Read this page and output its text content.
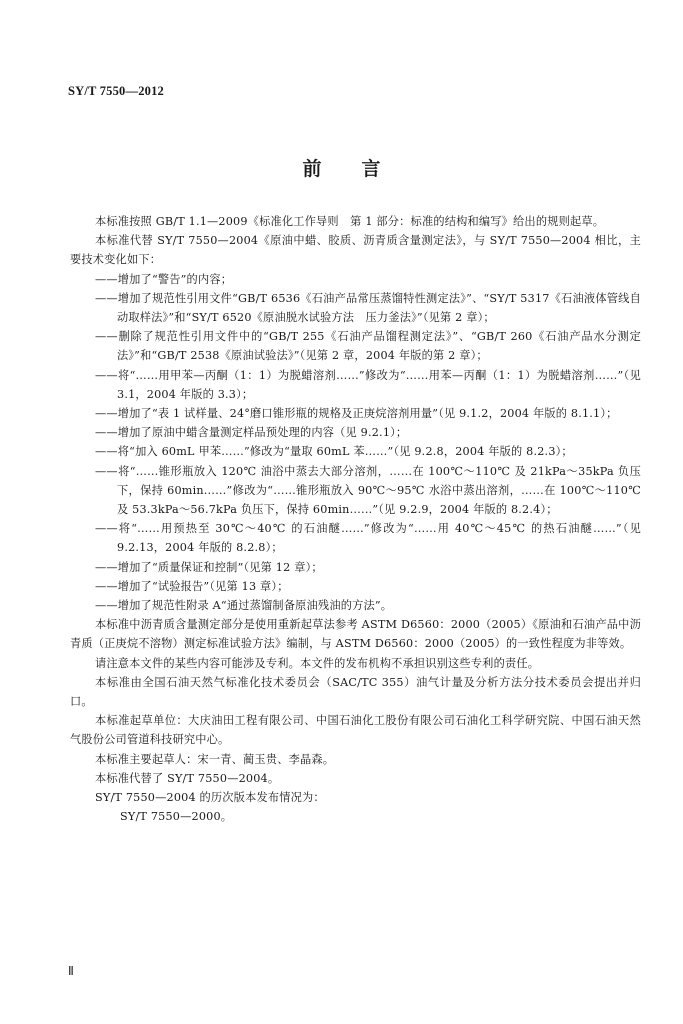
SY/T 7550—2012
前 言

本标准按照 GB/T 1.1—2009《标准化工作导则　第 1 部分：标准的结构和编写》给出的规则起草。

本标准代替 SY/T 7550—2004《原油中蜡、胶质、沥青质含量测定法》，与 SY/T 7550—2004 相比，主要技术变化如下：

——增加了“警告”的内容；

——增加了规范性引用文件“GB/T 6536《石油产品常压蒸馏特性测定法》”、“SY/T 5317《石油液体管线自动取样法》”和“SY/T 6520《原油脱水试验方法　压力釜法》”（见第 2 章）；

——删除了规范性引用文件中的“GB/T 255《石油产品馏程测定法》”、“GB/T 260《石油产品水分测定法》”和“GB/T 2538《原油试验法》”（见第 2 章，2004 年版的第 2 章）；

——将“……用甲苯—丙酮（1：1）为脱蜡溶剂……”修改为“……用苯—丙酮（1：1）为脱蜡溶剂……”（见 3.1，2004 年版的 3.3）；

——增加了“表 1 试样量、24°磨口锥形瓶的规格及正庚烷溶剂用量”（见 9.1.2，2004 年版的 8.1.1）；

——增加了原油中蜡含量测定样品预处理的内容（见 9.2.1）；

——将“加入 60mL 甲苯……”修改为“量取 60mL 苯……”（见 9.2.8，2004 年版的 8.2.3）；

——将“……锥形瓶放入 120℃ 油浴中蒸去大部分溶剂，……在 100℃～110℃ 及 21kPa～35kPa 负压下，保持 60min……”修改为“……锥形瓶放入 90℃～95℃ 水浴中蒸出溶剂，……在 100℃～110℃ 及 53.3kPa～56.7kPa 负压下，保持 60min……”（见 9.2.9，2004 年版的 8.2.4）；

——将“……用预热至 30℃～40℃ 的石油醚……”修改为“……用 40℃～45℃ 的热石油醚……”（见 9.2.13，2004 年版的 8.2.8）；

——增加了“质量保证和控制”（见第 12 章）；

——增加了“试验报告”（见第 13 章）；

——增加了规范性附录 A“通过蒸馏制备原油残油的方法”。

本标准中沥青质含量测定部分是使用重新起草法参考 ASTM D6560：2000（2005）《原油和石油产品中沥青质（正庚烷不溶物）测定标准试验方法》编制，与 ASTM D6560：2000（2005）的一致性程度为非等效。

请注意本文件的某些内容可能涉及专利。本文件的发布机构不承担识别这些专利的责任。

本标准由全国石油天然气标准化技术委员会（SAC/TC 355）油气计量及分析方法分技术委员会提出并归口。

本标准起草单位：大庆油田工程有限公司、中国石油化工股份有限公司石油化工科学研究院、中国石油天然气股份公司管道科技研究中心。

本标准主要起草人：宋一青、蔺玉贵、李晶森。

本标准代替了 SY/T 7550—2004。

SY/T 7550—2004 的历次版本发布情况为：

SY/T 7550—2000。

Ⅱ
